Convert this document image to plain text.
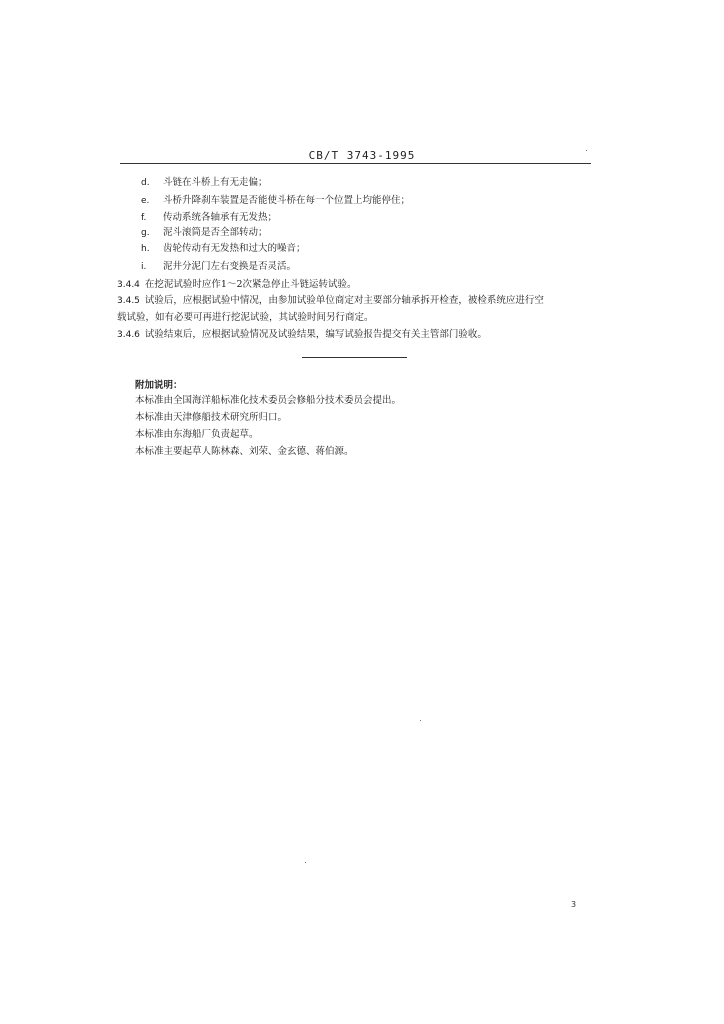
CB/T 3743-1995
d. 斗链在斗桥上有无走偏；
e. 斗桥升降刹车装置是否能使斗桥在每一个位置上均能停住；
f. 传动系统各轴承有无发热；
g. 泥斗滚筒是否全部转动；
h. 齿轮传动有无发热和过大的噪音；
i. 泥井分泥门左右变换是否灵活。
3.4.4 在挖泥试验时应作1～2次紧急停止斗链运转试验。
3.4.5 试验后，应根据试验中情况，由参加试验单位商定对主要部分轴承拆开检查，被检系统应进行空
载试验，如有必要可再进行挖泥试验，其试验时间另行商定。
3.4.6 试验结束后，应根据试验情况及试验结果，编写试验报告提交有关主管部门验收。
附加说明：
本标准由全国海洋船标准化技术委员会修船分技术委员会提出。
本标准由天津修船技术研究所归口。
本标准由东海船厂负责起草。
本标准主要起草人陈林森、刘荣、金玄德、蒋伯源。
3
